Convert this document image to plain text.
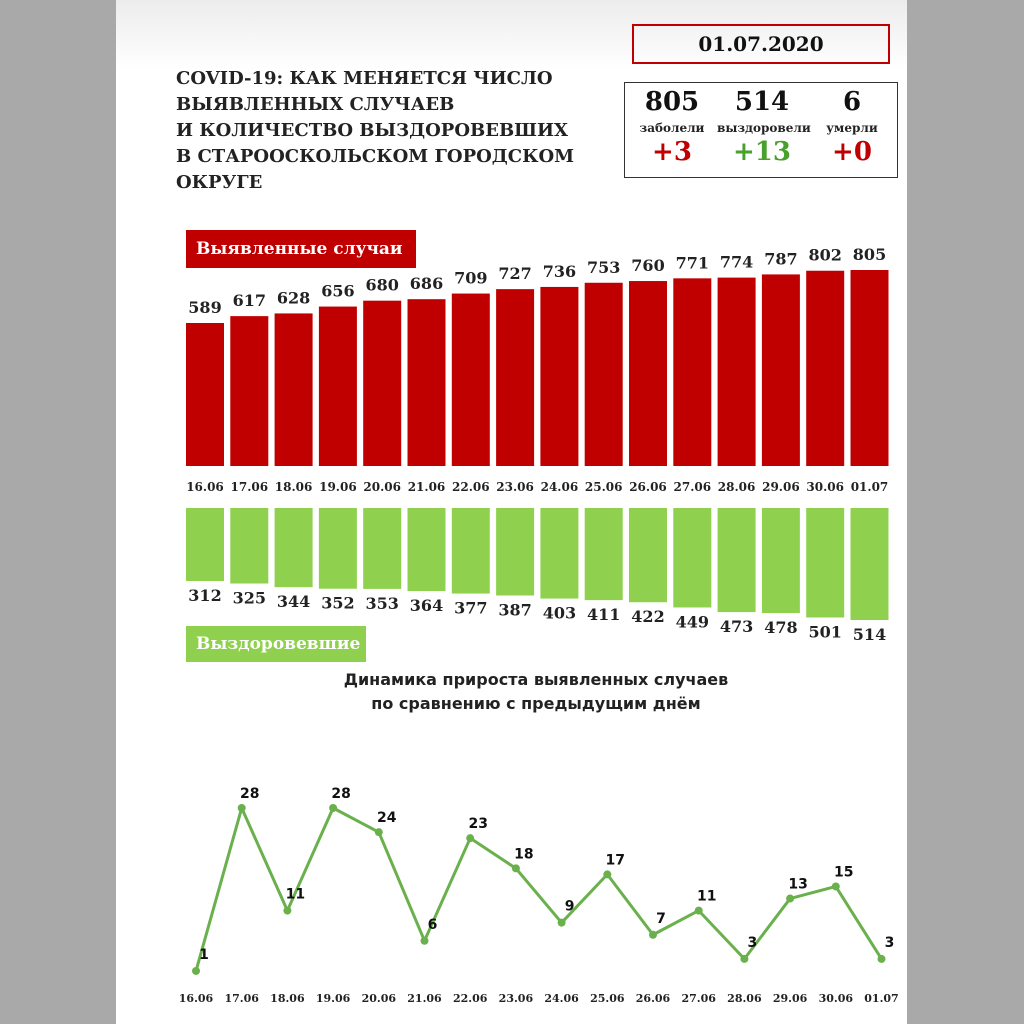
COVID-19: КАК МЕНЯЕТСЯ ЧИСЛО
ВЫЯВЛЕННЫХ СЛУЧАЕВ
И КОЛИЧЕСТВО ВЫЗДОРОВЕВШИХ
В СТАРООСКОЛЬСКОМ ГОРОДСКОМ
ОКРУГЕ
01.07.2020
805
заболели
+3
514
выздоровели
+13
6
умерли
+0
Выявленные случаи
589
16.06
617
17.06
628
18.06
656
19.06
680
20.06
686
21.06
709
22.06
727
23.06
736
24.06
753
25.06
760
26.06
771
27.06
774
28.06
787
29.06
802
30.06
805
01.07
312 325 344 352 353 364 377 387 403 411 422 449 473 478 501 514
1
16.06
28
17.06
11
18.06
28
19.06
24
20.06
6
21.06
23
22.06
18
23.06
9
24.06
17
25.06
7
26.06
11
27.06
3
28.06
13
29.06
15
30.06
3
01.07
Выздоровевшие
Динамика прироста выявленных случаев
по сравнению с предыдущим днём
